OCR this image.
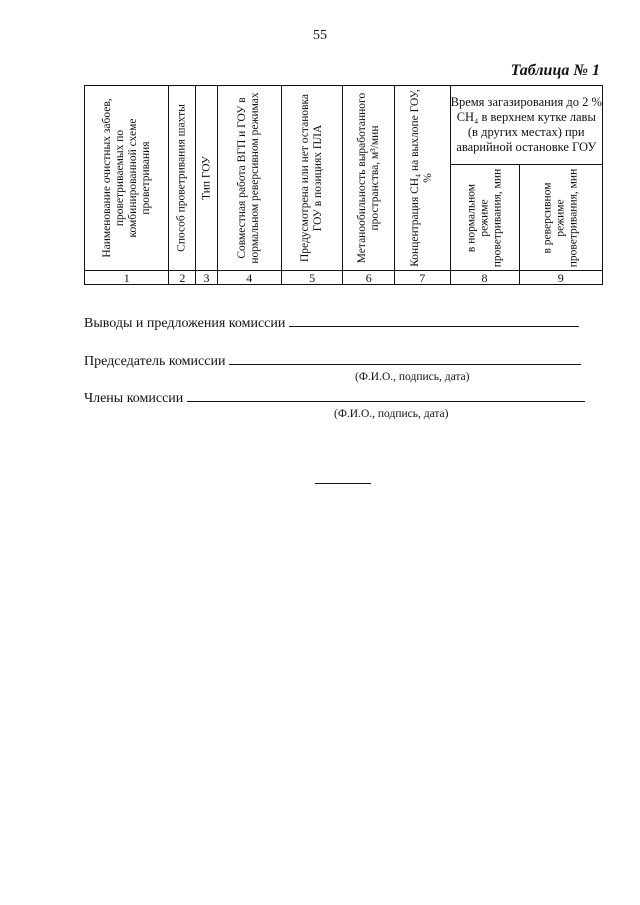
55
Таблица № 1
Наименование очистных забоев, проветриваемых по комбинированной схеме проветривания	Способ проветривания шахты	Тип ГОУ	Совместная работа ВГП и ГОУ в нормальном реверсивном режимах	Предусмотрена или нет остановка ГОУ в позициях ПЛА	Метанообильность выработанного пространства, м³/мин	Концентрация CH₄ на выхлопе ГОУ, %	Время загазирования до 2 % CH₄ в верхнем кутке лавы (в других местах) при аварийной остановке ГОУ	

							в нормальном режиме проветривания, мин	в реверсивном режиме проветривания, мин

1	2	3	4	5	6	7	8	9
Выводы и предложения комиссии
Председатель комиссии
(Ф.И.О., подпись, дата)
Члены комиссии
(Ф.И.О., подпись, дата)
